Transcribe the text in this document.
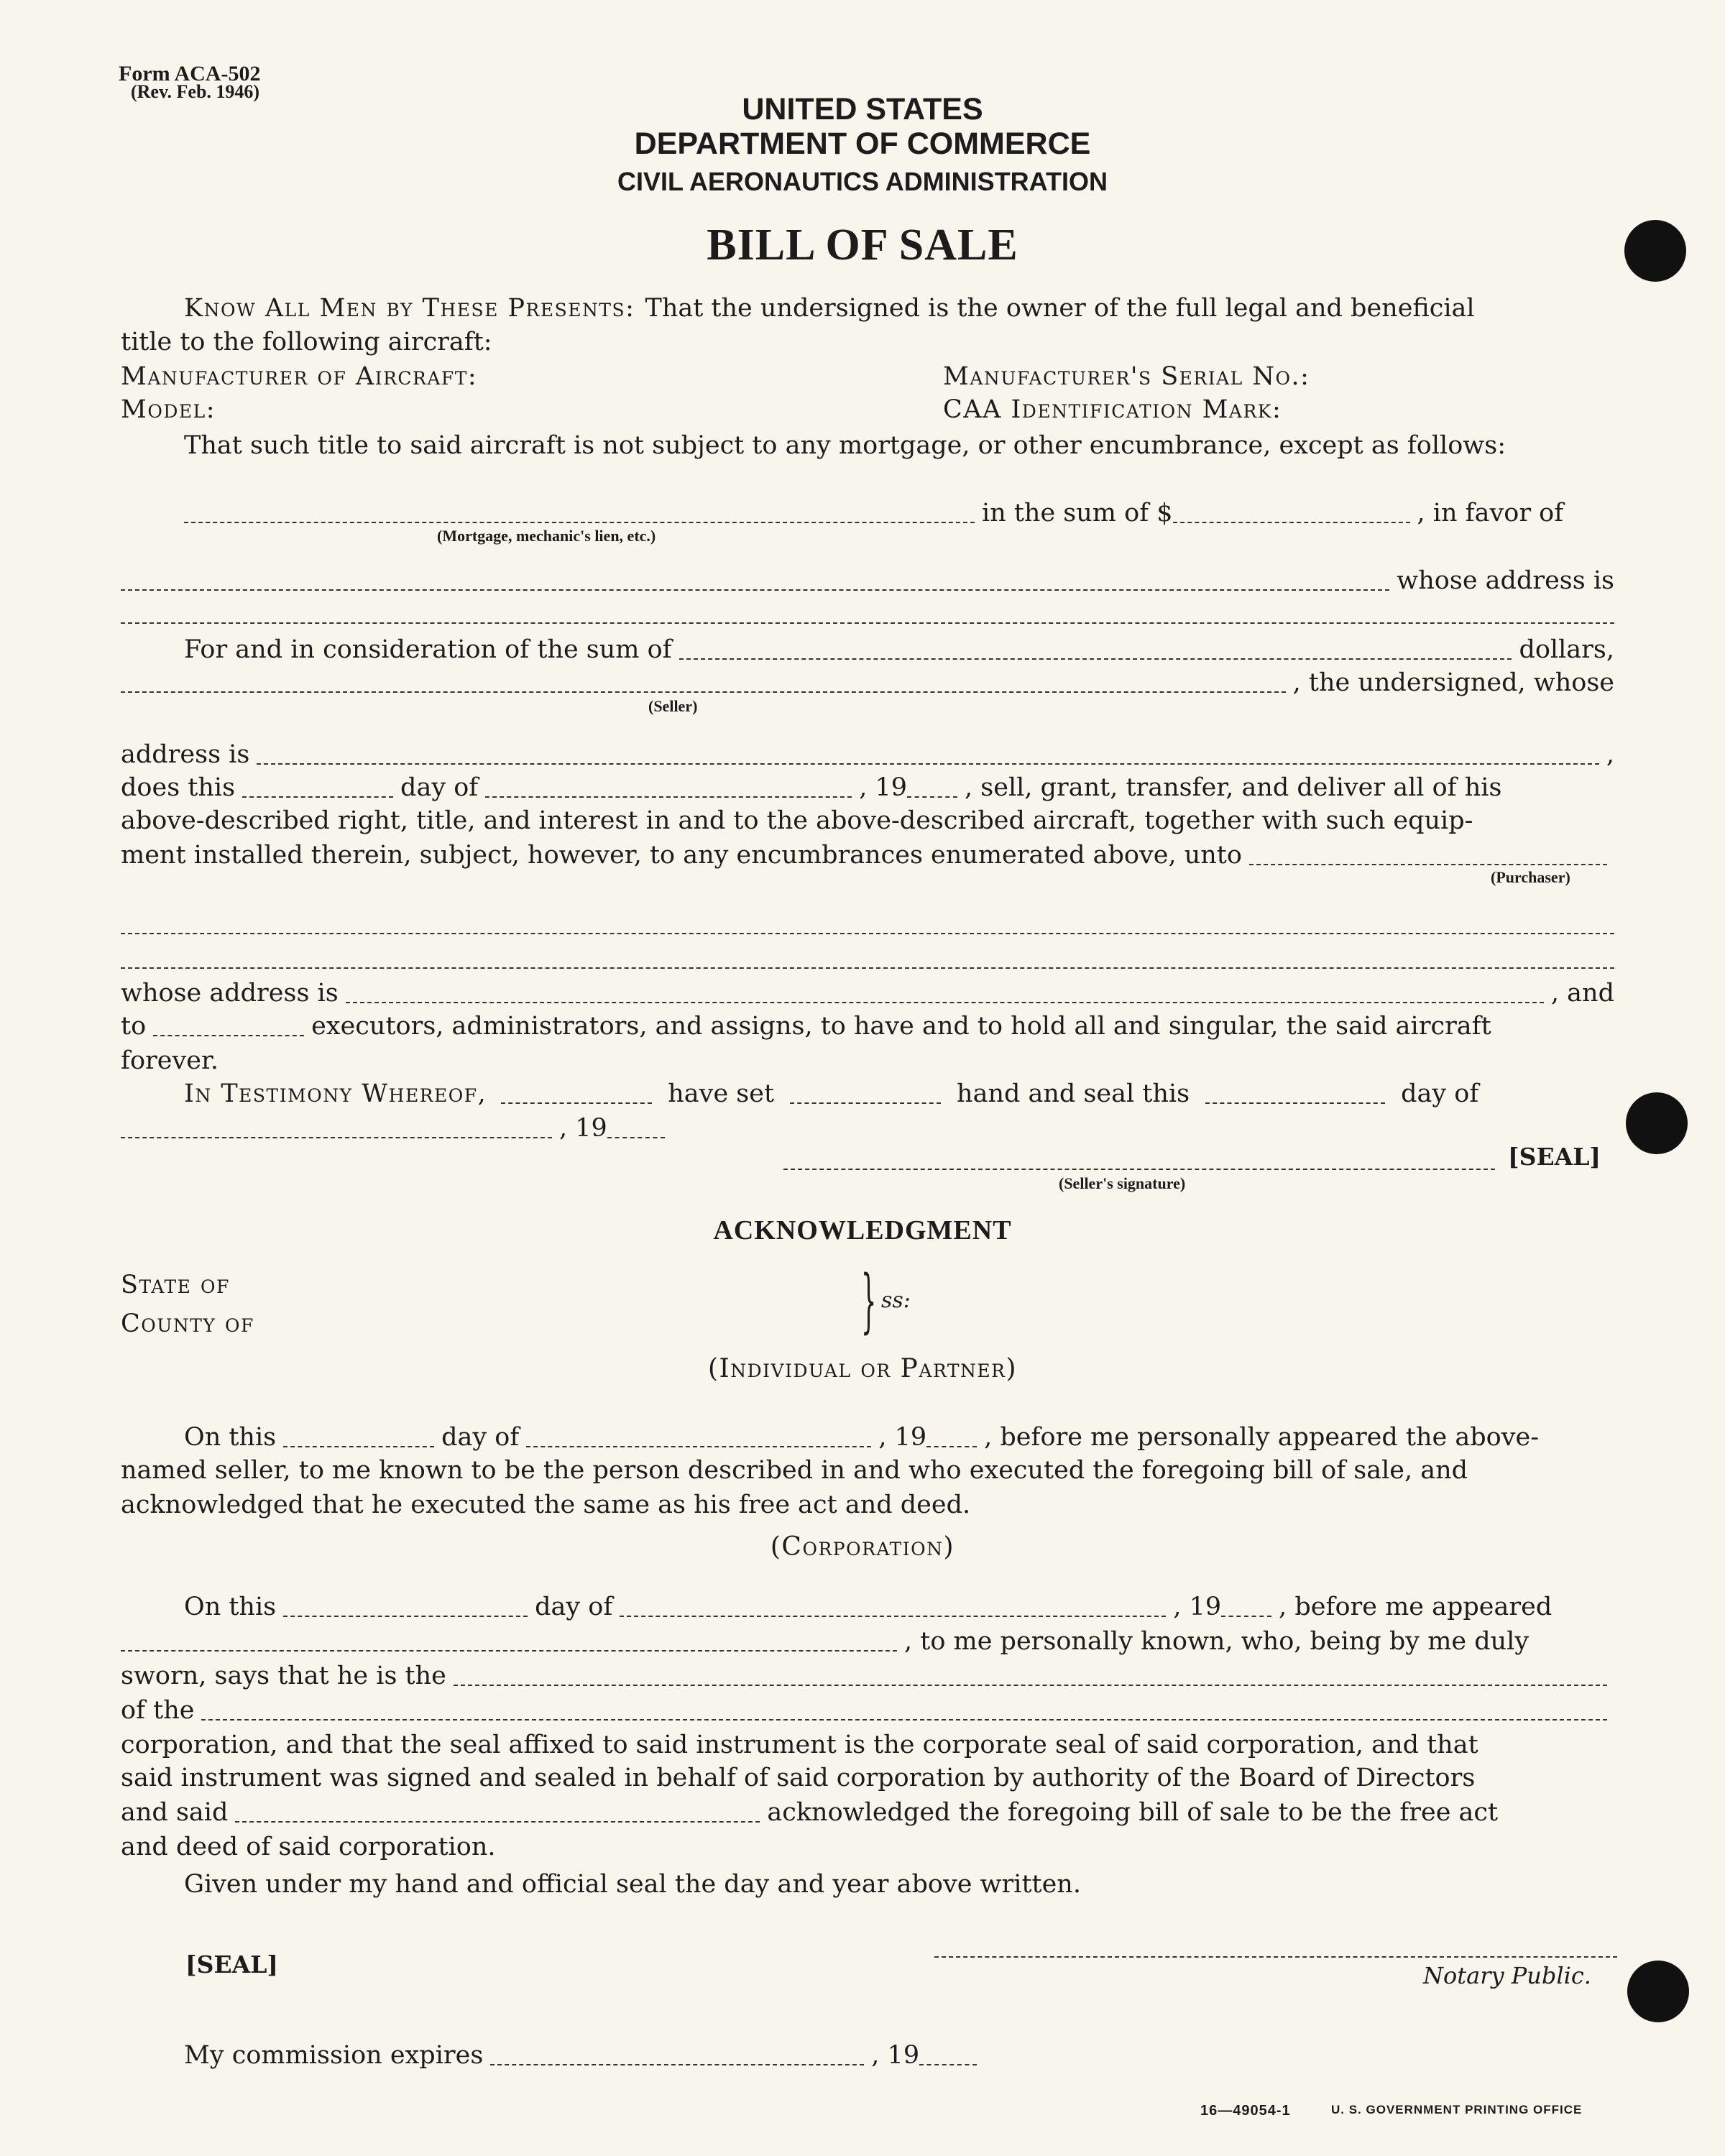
Form ACA-502
(Rev. Feb. 1946)
UNITED STATES
DEPARTMENT OF COMMERCE
CIVIL AERONAUTICS ADMINISTRATION
BILL OF SALE
Know All Men by These Presents: That the undersigned is the owner of the full legal and beneficial
title to the following aircraft:
Manufacturer of Aircraft:	Manufacturer's Serial No.:
Model:	CAA Identification Mark:
That such title to said aircraft is not subject to any mortgage, or other encumbrance, except as follows:
in the sum of $	, in favor of
(Mortgage, mechanic's lien, etc.)
whose address is
For and in consideration of the sum of	dollars,
, the undersigned, whose
(Seller)
address is	,
does this	day of	, 19 , sell, grant, transfer, and deliver all of his
above-described right, title, and interest in and to the above-described aircraft, together with such equip-
ment installed therein, subject, however, to any encumbrances enumerated above, unto
(Purchaser)
whose address is	, and
to	executors, administrators, and assigns, to have and to hold all and singular, the said aircraft
forever.
In Testimony Whereof,	have set	hand and seal this	day of
, 19
[SEAL]
(Seller's signature)
ACKNOWLEDGMENT
State of
County of	} ss:
(Individual or Partner)
On this	day of	, 19 , before me personally appeared the above-
named seller, to me known to be the person described in and who executed the foregoing bill of sale, and
acknowledged that he executed the same as his free act and deed.
(Corporation)
On this	day of	, 19 , before me appeared
, to me personally known, who, being by me duly
sworn, says that he is the
of the
corporation, and that the seal affixed to said instrument is the corporate seal of said corporation, and that
said instrument was signed and sealed in behalf of said corporation by authority of the Board of Directors
and said	acknowledged the foregoing bill of sale to be the free act
and deed of said corporation.
Given under my hand and official seal the day and year above written.
[SEAL]	Notary Public.
My commission expires	, 19
16—49054-1	U. S. GOVERNMENT PRINTING OFFICE
